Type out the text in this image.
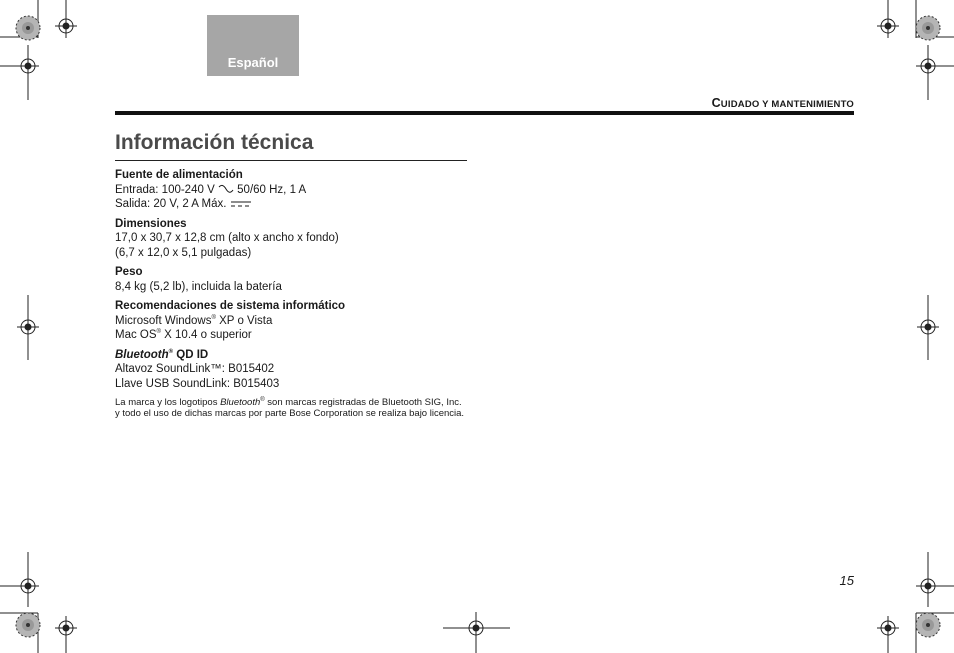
Español
CUIDADO Y MANTENIMIENTO
Información técnica
Fuente de alimentación
Entrada: 100-240 V  50/60 Hz, 1 A
Salida: 20 V, 2 A Máx.
Dimensiones
17,0 x 30,7 x 12,8 cm (alto x ancho x fondo)
(6,7 x 12,0 x 5,1 pulgadas)
Peso
8,4 kg (5,2 lb), incluida la batería
Recomendaciones de sistema informático
Microsoft Windows® XP o Vista
Mac OS® X 10.4 o superior
Bluetooth® QD ID
Altavoz SoundLink™: B015402
Llave USB SoundLink: B015403
La marca y los logotipos Bluetooth® son marcas registradas de Bluetooth SIG, Inc. y todo el uso de dichas marcas por parte Bose Corporation se realiza bajo licencia.
15
